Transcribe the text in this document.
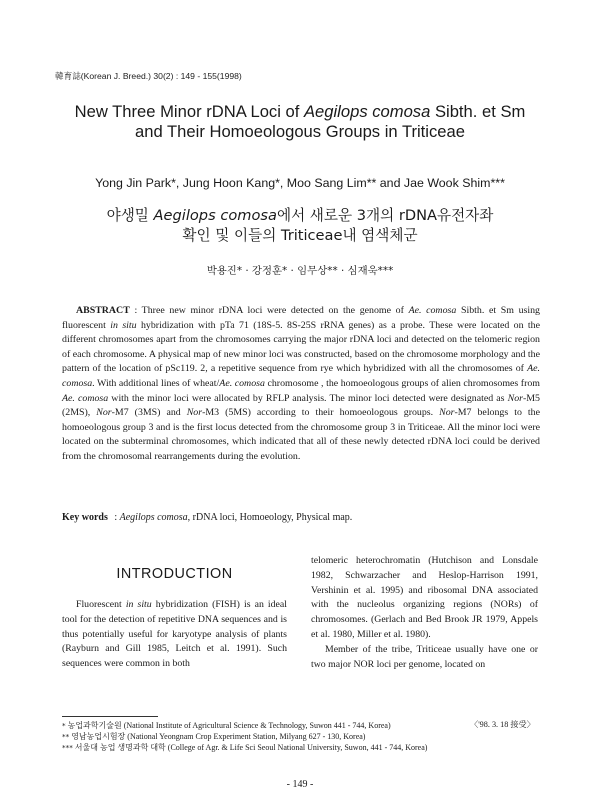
韓育誌(Korean J. Breed.) 30(2) : 149 - 155(1998)
New Three Minor rDNA Loci of Aegilops comosa Sibth. et Sm
and Their Homoeologous Groups in Triticeae
Yong Jin Park*, Jung Hoon Kang*, Moo Sang Lim** and Jae Wook Shim***
야생밀 Aegilops comosa에서 새로운 3개의 rDNA유전자좌
확인 및 이들의 Triticeae내 염색체군
박용진* · 강정훈* · 임무상** · 심재욱***

ABSTRACT : Three new minor rDNA loci were detected on the genome of Ae. comosa Sibth. et Sm using fluorescent in situ hybridization with pTa 71 (18S-5. 8S-25S rRNA genes) as a probe. These were located on the different chromosomes apart from the chromosomes carrying the major rDNA loci and detected on the telomeric region of each chromosome. A physical map of new minor loci was constructed, based on the chromosome morphology and the pattern of the location of pSc119. 2, a repetitive sequence from rye which hybridized with all the chromosomes of Ae. comosa. With additional lines of wheat/Ae. comosa chromosome , the homoeologous groups of alien chromosomes from Ae. comosa with the minor loci were allocated by RFLP analysis. The minor loci detected were designated as Nor-M5 (2MS), Nor-M7 (3MS) and Nor-M3 (5MS) according to their homoeologous groups. Nor-M7 belongs to the homoeologous group 3 and is the first locus detected from the chromosome group 3 in Triticeae. All the minor loci were located on the subterminal chromosomes, which indicated that all of these newly detected rDNA loci could be derived from the chromosomal rearrangements during the evolution.

Key words : Aegilops comosa, rDNA loci, Homoeology, Physical map.
INTRODUCTION

Fluorescent in situ hybridization (FISH) is an ideal tool for the detection of repetitive DNA sequences and is thus potentially useful for karyotype analysis of plants (Rayburn and Gill 1985, Leitch et al. 1991). Such sequences were common in both

telomeric heterochromatin (Hutchison and Lonsdale 1982, Schwarzacher and Heslop-Harrison 1991, Vershinin et al. 1995) and ribosomal DNA associated with the nucleolus organizing regions (NORs) of chromosomes. (Gerlach and Bed Brook JR 1979, Appels et al. 1980, Miller et al. 1980).

Member of the tribe, Triticeae usually have one or two major NOR loci per genome, located on

* 농업과학기술원 (National Institute of Agricultural Science & Technology, Suwon 441 - 744, Korea)
** 영남농업시험장 (National Yeongnam Crop Experiment Station, Milyang 627 - 130, Korea)
*** 서울대 농업 생명과학 대학 (College of Agr. & Life Sci Seoul National University, Suwon, 441 - 744, Korea)
〈'98. 3. 18 接受〉
- 149 -
